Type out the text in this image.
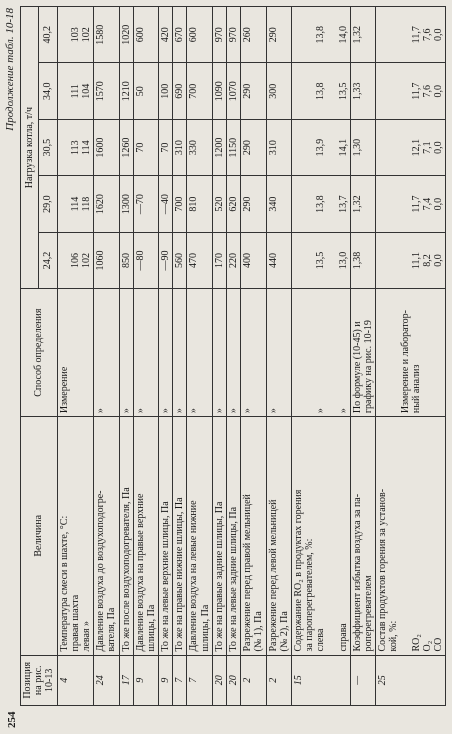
254
Продолжение табл. 10-18
Позиция на рис. 10-13	Величина	Способ определения	Нагрузка котла, т/ч				
			24,2	29,0	30,5	34,0	40,2

4	Температура смеси в шахте, °С: правая шахта левая »	Измерение	106 102	114 118	113 114	111 104	103 102

24	Давление воздуха до воздухоподогре- вателя, Па	»	1060	1620	1600	1570	1580

17	То же после воздухоподогревателя, Па	»	850	1300	1260	1210	1020

9	Давление воздуха на правые верхние шлицы, Па	»	—80	—70	70	50	600

9	То же на левые верхние шлицы, Па	»	—90	—40	70	100	420

7	То же на правые нижние шлицы, Па	»	560	700	310	690	670

7	Давление воздуха на левые нижние шлицы, Па	»	470	810	330	700	600

20	То же на правые задние шлицы, Па	»	170	520	1200	1090	970

20	То же на левые задние шлицы, Па	»	220	620	1150	1070	970

2	Разрежение перед правой мельницей (№ 1), Па	»	400	290	290	290	260

2	Разрежение перед левой мельницей (№ 2), Па	»	440	340	310	300	290

15	Содержание RO₂ в продуктах горения за пароперегревателем, %: слева справа	» »	13,5 13,0	13,8 13,7	13,9 14,1	13,8 13,5	13,8 14,0

—	Коэффициент избытка воздуха за па- роперегревателем	По формуле (10-45) и графику на рис. 10-19	1,38	1,32	1,30	1,33	1,32

25	Состав продуктов горения за установ- кой, %: RO₂ O₂ CO	Измерение и лаборатор- ный анализ	11,1 8,2 0,0	11,7 7,4 0,0	12,1 7,1 0,0	11,7 7,6 0,0	11,7 7,6 0,0
